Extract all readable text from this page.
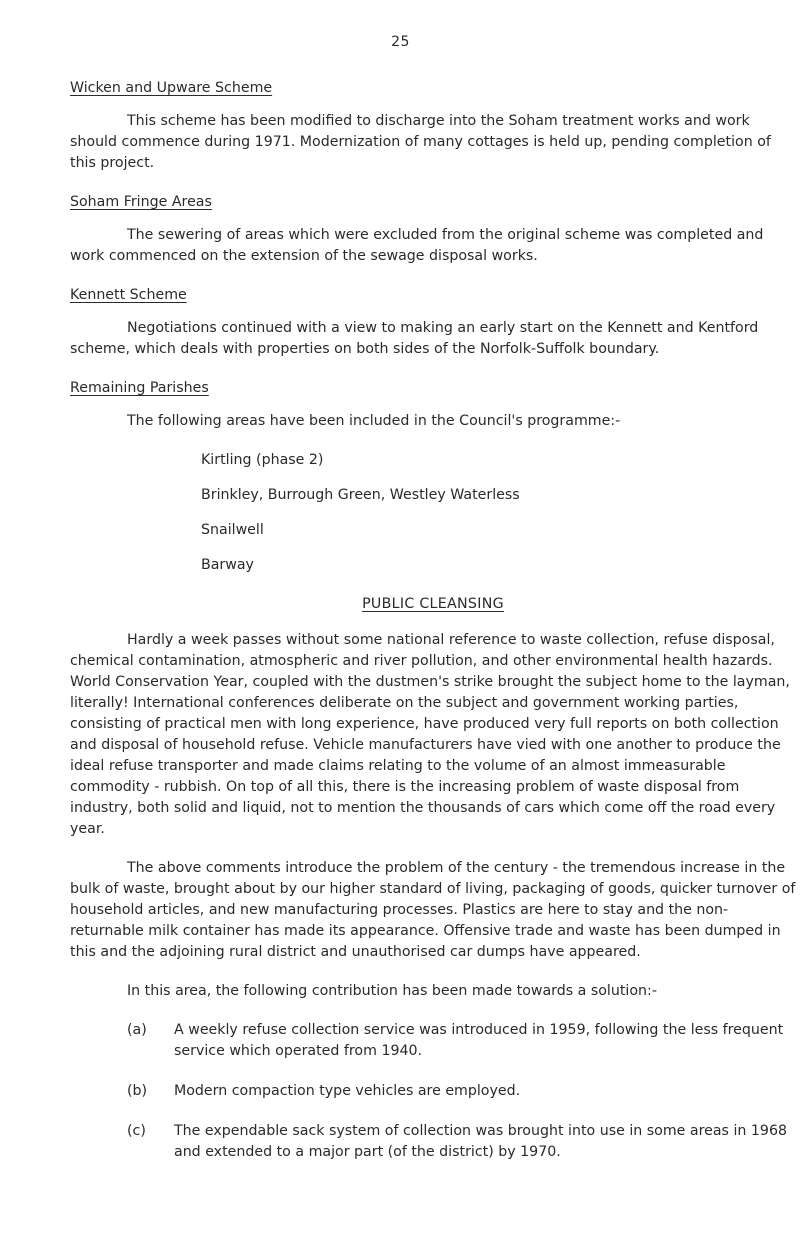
25
Wicken and Upware Scheme

This scheme has been modified to discharge into the Soham treatment works and work should commence during 1971. Modernization of many cottages is held up, pending completion of this project.

Soham Fringe Areas

The sewering of areas which were excluded from the original scheme was completed and work commenced on the extension of the sewage disposal works.

Kennett Scheme

Negotiations continued with a view to making an early start on the Kennett and Kentford scheme, which deals with properties on both sides of the Norfolk-Suffolk boundary.

Remaining Parishes

The following areas have been included in the Council's programme:-

Kirtling (phase 2)
Brinkley, Burrough Green, Westley Waterless
Snailwell
Barway
PUBLIC CLEANSING

Hardly a week passes without some national reference to waste collection, refuse disposal, chemical contamination, atmospheric and river pollution, and other environmental health hazards. World Conservation Year, coupled with the dustmen's strike brought the subject home to the layman, literally! International conferences deliberate on the subject and government working parties, consisting of practical men with long experience, have produced very full reports on both collection and disposal of household refuse. Vehicle manufacturers have vied with one another to produce the ideal refuse transporter and made claims relating to the volume of an almost immeasurable commodity - rubbish. On top of all this, there is the increasing problem of waste disposal from industry, both solid and liquid, not to mention the thousands of cars which come off the road every year.

The above comments introduce the problem of the century - the tremendous increase in the bulk of waste, brought about by our higher standard of living, packaging of goods, quicker turnover of household articles, and new manufacturing processes. Plastics are here to stay and the non-returnable milk container has made its appearance. Offensive trade and waste has been dumped in this and the adjoining rural district and unauthorised car dumps have appeared.

In this area, the following contribution has been made towards a solution:-

(a) A weekly refuse collection service was introduced in 1959, following the less frequent service which operated from 1940.
(b) Modern compaction type vehicles are employed.
(c) The expendable sack system of collection was brought into use in some areas in 1968 and extended to a major part (of the district) by 1970.
